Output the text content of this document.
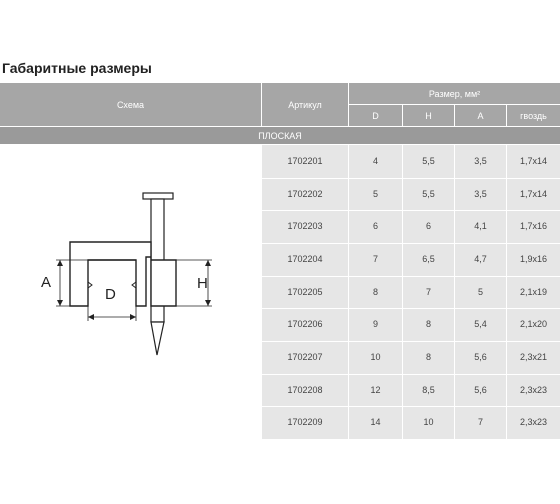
Габаритные размеры
Схема	Артикул
Размер, мм²
D	H	A	гвоздь
ПЛОСКАЯ
A
D
H
1702201	4	5,5	3,5	1,7x14
1702202	5	5,5	3,5	1,7x14
1702203	6	6	4,1	1,7x16
1702204	7	6,5	4,7	1,9x16
1702205	8	7	5	2,1x19
1702206	9	8	5,4	2,1x20
1702207	10	8	5,6	2,3x21
1702208	12	8,5	5,6	2,3x23
1702209	14	10	7	2,3x23
